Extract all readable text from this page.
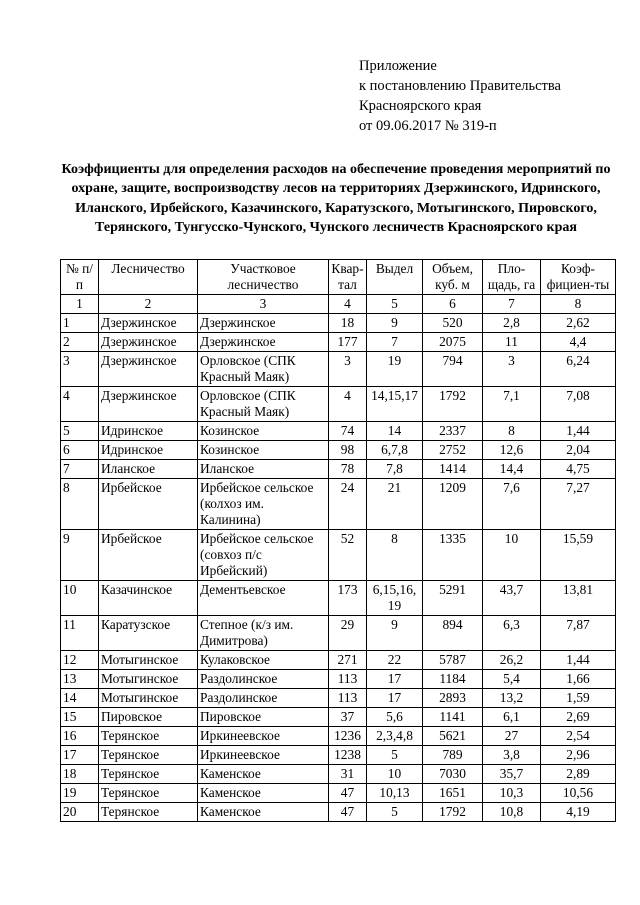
Приложение
к постановлению Правительства
Красноярского края
от 09.06.2017 № 319-п
Коэффициенты для определения расходов на обеспечение проведения мероприятий по охране, защите, воспроизводству лесов на территориях Дзержинского, Идринского, Иланского, Ирбейского, Казачинского, Каратузского, Мотыгинского, Пировского, Терянского, Тунгусско-Чунского, Чунского лесничеств Красноярского края
№ п/п	Лесничество	Участковое лесничество	Квар-тал	Выдел	Объем, куб. м	Пло-щадь, га	Коэф-фициен-ты
1	2	3	4	5	6	7	8
1	Дзержинское	Дзержинское	18	9	520	2,8	2,62
2	Дзержинское	Дзержинское	177	7	2075	11	4,4
3	Дзержинское	Орловское (СПК Красный Маяк)	3	19	794	3	6,24
4	Дзержинское	Орловское (СПК Красный Маяк)	4	14,15,17	1792	7,1	7,08
5	Идринское	Козинское	74	14	2337	8	1,44
6	Идринское	Козинское	98	6,7,8	2752	12,6	2,04
7	Иланское	Иланское	78	7,8	1414	14,4	4,75
8	Ирбейское	Ирбейское сельское (колхоз им. Калинина)	24	21	1209	7,6	7,27
9	Ирбейское	Ирбейское сельское (совхоз п/с Ирбейский)	52	8	1335	10	15,59
10	Казачинское	Дементьевское	173	6,15,16, 19	5291	43,7	13,81
11	Каратузское	Степное (к/з им. Димитрова)	29	9	894	6,3	7,87
12	Мотыгинское	Кулаковское	271	22	5787	26,2	1,44
13	Мотыгинское	Раздолинское	113	17	1184	5,4	1,66
14	Мотыгинское	Раздолинское	113	17	2893	13,2	1,59
15	Пировское	Пировское	37	5,6	1141	6,1	2,69
16	Терянское	Иркинеевское	1236	2,3,4,8	5621	27	2,54
17	Терянское	Иркинеевское	1238	5	789	3,8	2,96
18	Терянское	Каменское	31	10	7030	35,7	2,89
19	Терянское	Каменское	47	10,13	1651	10,3	10,56
20	Терянское	Каменское	47	5	1792	10,8	4,19
